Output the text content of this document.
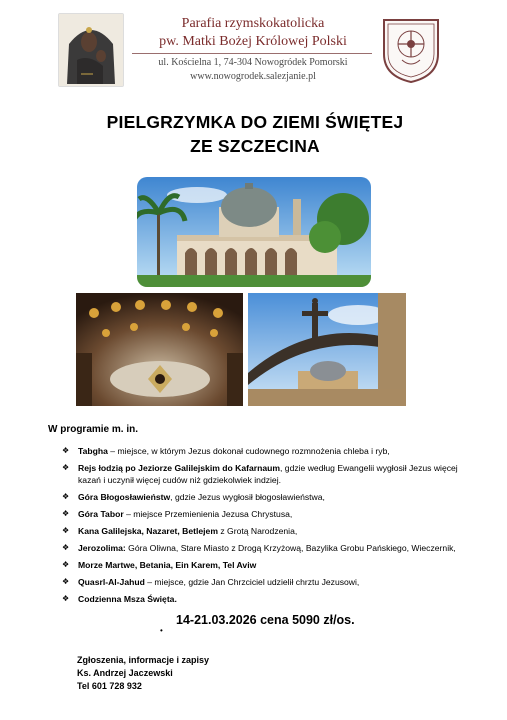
Parafia rzymskokatolicka
pw. Matki Bożej Królowej Polski
ul. Kościelna 1, 74-304 Nowogródek Pomorski
www.nowogrodek.salezjanie.pl
PIELGRZYMKA DO ZIEMI ŚWIĘTEJ
ZE SZCZECINA
W programie m. in.
❖ Tabgha – miejsce, w którym Jezus dokonał cudownego rozmnożenia chleba i ryb,
❖ Rejs łodzią po Jeziorze Galilejskim do Kafarnaum, gdzie według Ewangelii wygłosił Jezus więcej kazań i uczynił więcej cudów niż gdziekolwiek indziej.
❖ Góra Błogosławieństw, gdzie Jezus wygłosił błogosławieństwa,
❖ Góra Tabor – miejsce Przemienienia Jezusa Chrystusa,
❖ Kana Galilejska, Nazaret, Betlejem z Grotą Narodzenia,
❖ Jerozolima: Góra Oliwna, Stare Miasto z Drogą Krzyżową, Bazylika Grobu Pańskiego, Wieczernik,
❖ Morze Martwe, Betania, Ein Karem, Tel Aviw
❖ Quasrl-Al-Jahud – miejsce, gdzie Jan Chrzciciel udzielił chrztu Jezusowi,
❖ Codzienna Msza Święta.
•
14-21.03.2026 cena 5090 zł/os.
Zgłoszenia, informacje i zapisy
Ks. Andrzej Jaczewski
Tel 601 728 932
